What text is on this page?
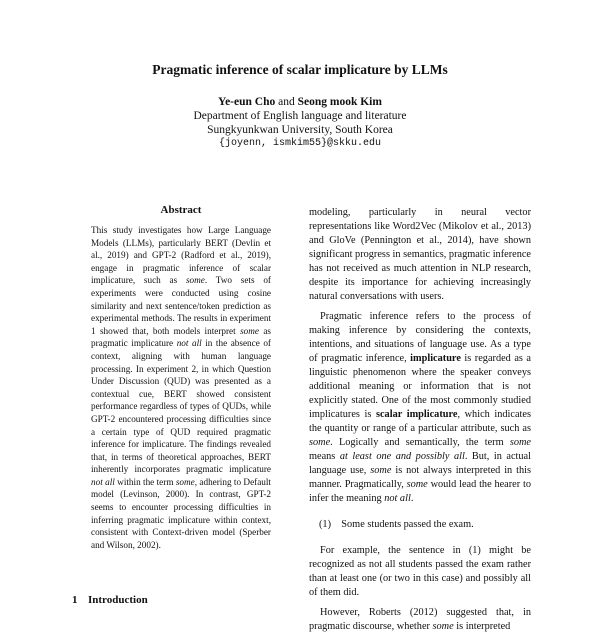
Pragmatic inference of scalar implicature by LLMs
Ye-eun Cho and Seong mook Kim
Department of English language and literature
Sungkyunkwan University, South Korea
{joyenn, ismkim55}@skku.edu
Abstract
This study investigates how Large Language Models (LLMs), particularly BERT (Devlin et al., 2019) and GPT-2 (Radford et al., 2019), engage in pragmatic inference of scalar implicature, such as some. Two sets of experiments were conducted using cosine similarity and next sentence/token prediction as experimental methods. The results in experiment 1 showed that, both models interpret some as pragmatic implicature not all in the absence of context, aligning with human language processing. In experiment 2, in which Question Under Discussion (QUD) was presented as a contextual cue, BERT showed consistent performance regardless of types of QUDs, while GPT-2 encountered processing difficulties since a certain type of QUD required pragmatic inference for implicature. The findings revealed that, in terms of theoretical approaches, BERT inherently incorporates pragmatic implicature not all within the term some, adhering to Default model (Levinson, 2000). In contrast, GPT-2 seems to encounter processing difficulties in inferring pragmatic implicature within context, consistent with Context-driven model (Sperber and Wilson, 2002).

modeling, particularly in neural vector representations like Word2Vec (Mikolov et al., 2013) and GloVe (Pennington et al., 2014), have shown significant progress in semantics, pragmatic inference has not received as much attention in NLP research, despite its importance for achieving increasingly natural conversations with users.

Pragmatic inference refers to the process of making inference by considering the contexts, intentions, and situations of language use. As a type of pragmatic inference, implicature is regarded as a linguistic phenomenon where the speaker conveys additional meaning or information that is not explicitly stated. One of the most commonly studied implicatures is scalar implicature, which indicates the quantity or range of a particular attribute, such as some. Logically and semantically, the term some means at least one and possibly all. But, in actual language use, some is not always interpreted in this manner. Pragmatically, some would lead the hearer to infer the meaning not all.

(1)    Some students passed the exam.

For example, the sentence in (1) might be recognized as not all students passed the exam rather than at least one (or two in this case) and possibly all of them did.

However, Roberts (2012) suggested that, in pragmatic discourse, whether some is interpreted

1 Introduction
